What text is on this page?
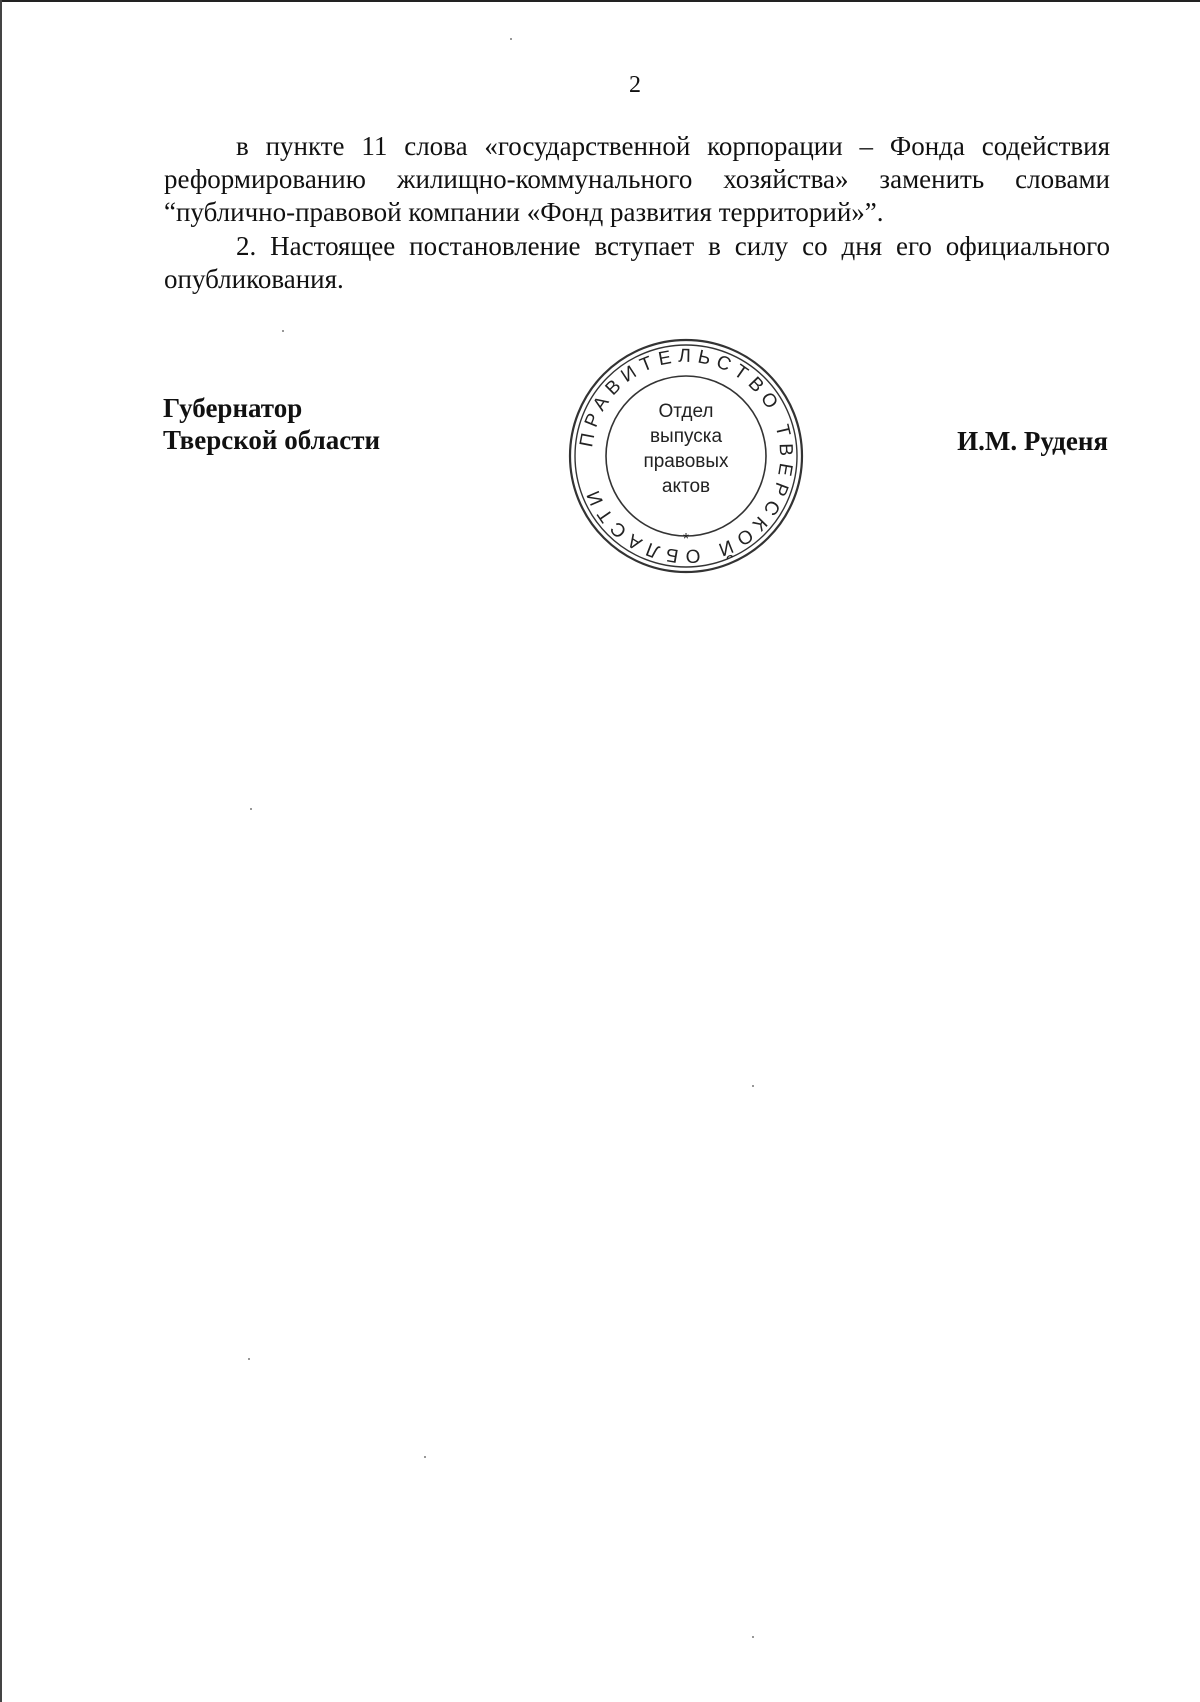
2

в пункте 11 слова «государственной корпорации – Фонда содействия реформированию жилищно-коммунального хозяйства» заменить словами “публично-правовой компании «Фонд развития территорий»”.

2. Настоящее постановление вступает в силу со дня его официального опубликования.

Губернатор
Тверской области	ПРАВИТЕЛЬСТВО ТВЕРСКОЙ ОБЛАСТИ
*
Отдел
выпуска
правовых
актов
И.М. Руденя
